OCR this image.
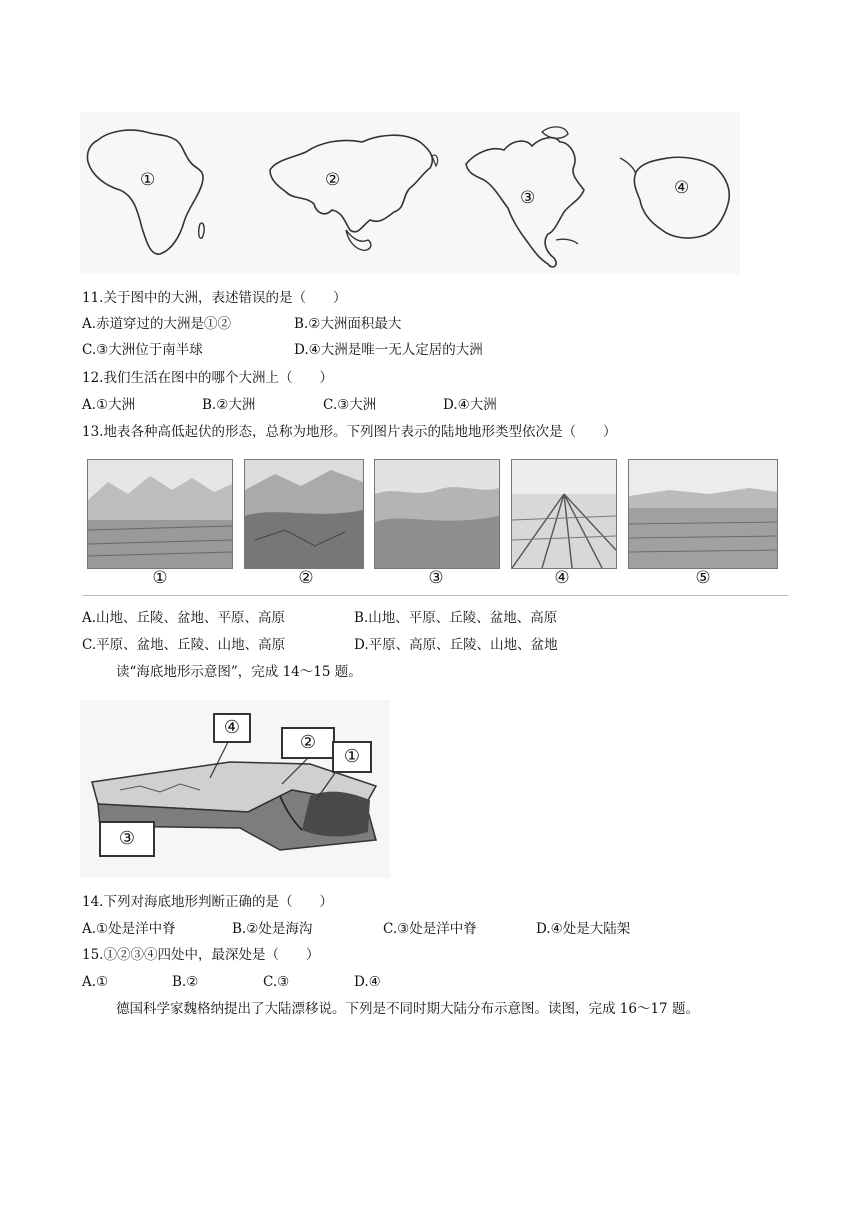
①	②
③	④
11.关于图中的大洲，表述错误的是（　　）
A.赤道穿过的大洲是①②	B.②大洲面积最大
C.③大洲位于南半球	D.④大洲是唯一无人定居的大洲
12.我们生活在图中的哪个大洲上（　　）
A.①大洲	B.②大洲	C.③大洲	D.④大洲
13.地表各种高低起伏的形态，总称为地形。下列图片表示的陆地地形类型依次是（　　）
①	②	③	④	⑤
A.山地、丘陵、盆地、平原、高原	B.山地、平原、丘陵、盆地、高原
C.平原、盆地、丘陵、山地、高原	D.平原、高原、丘陵、山地、盆地
读“海底地形示意图”，完成 14～15 题。
④
②
①
③
14.下列对海底地形判断正确的是（　　）
A.①处是洋中脊	B.②处是海沟	C.③处是洋中脊	D.④处是大陆架
15.①②③④四处中，最深处是（　　）
A.①	B.②	C.③	D.④
德国科学家魏格纳提出了大陆漂移说。下列是不同时期大陆分布示意图。读图，完成 16～17 题。
